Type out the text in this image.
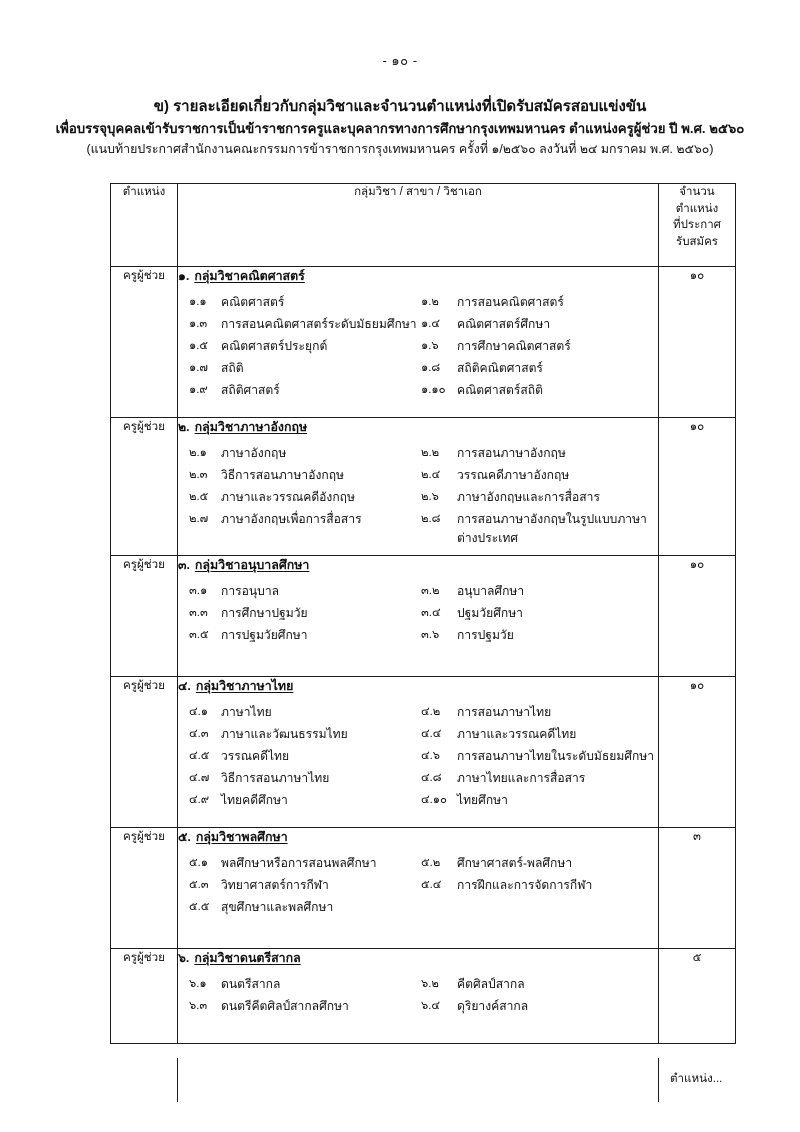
- ๑๐ -
ข) รายละเอียดเกี่ยวกับกลุ่มวิชาและจำนวนตำแหน่งที่เปิดรับสมัครสอบแข่งขัน
เพื่อบรรจุบุคคลเข้ารับราชการเป็นข้าราชการครูและบุคลากรทางการศึกษากรุงเทพมหานคร ตำแหน่งครูผู้ช่วย ปี พ.ศ. ๒๕๖๐
(แนบท้ายประกาศสำนักงานคณะกรรมการข้าราชการกรุงเทพมหานคร ครั้งที่ ๑/๒๕๖๐ ลงวันที่ ๒๔ มกราคม พ.ศ. ๒๕๖๐)
ตำแหน่ง	กลุ่มวิชา / สาขา / วิชาเอก	จำนวน
ตำแหน่ง
ที่ประกาศ
รับสมัคร

ครูผู้ช่วย	๑. กลุ่มวิชาคณิตศาสตร์
๑.๑	คณิตศาสตร์	๑.๒	การสอนคณิตศาสตร์
๑.๓	การสอนคณิตศาสตร์ระดับมัธยมศึกษา ๑.๔	คณิตศาสตร์ศึกษา
๑.๕	คณิตศาสตร์ประยุกต์	๑.๖	การศึกษาคณิตศาสตร์
๑.๗	สถิติ	๑.๘	สถิติคณิตศาสตร์
๑.๙	สถิติศาสตร์	๑.๑๐ คณิตศาสตร์สถิติ
	๑๐
ครูผู้ช่วย	๒. กลุ่มวิชาภาษาอังกฤษ
๒.๑	ภาษาอังกฤษ	๒.๒	การสอนภาษาอังกฤษ
๒.๓	วิธีการสอนภาษาอังกฤษ	๒.๔	วรรณคดีภาษาอังกฤษ
๒.๕	ภาษาและวรรณคดีอังกฤษ	๒.๖	ภาษาอังกฤษและการสื่อสาร
๒.๗	ภาษาอังกฤษเพื่อการสื่อสาร	๒.๘	การสอนภาษาอังกฤษในรูปแบบภาษาต่างประเทศ
	๑๐
ครูผู้ช่วย	๓. กลุ่มวิชาอนุบาลศึกษา
๓.๑	การอนุบาล	๓.๒	อนุบาลศึกษา
๓.๓	การศึกษาปฐมวัย	๓.๔	ปฐมวัยศึกษา
๓.๕	การปฐมวัยศึกษา	๓.๖	การปฐมวัย
	๑๐
ครูผู้ช่วย	๔. กลุ่มวิชาภาษาไทย
๔.๑	ภาษาไทย	๔.๒	การสอนภาษาไทย
๔.๓	ภาษาและวัฒนธรรมไทย	๔.๔	ภาษาและวรรณคดีไทย
๔.๕ วรรณคดีไทย	๔.๖	การสอนภาษาไทยในระดับมัธยมศึกษา
๔.๗ วิธีการสอนภาษาไทย	๔.๘	ภาษาไทยและการสื่อสาร
๔.๙ ไทยคดีศึกษา	๔.๑๐ ไทยศึกษา
	๑๐
ครูผู้ช่วย	๕. กลุ่มวิชาพลศึกษา
๕.๑	พลศึกษาหรือการสอนพลศึกษา	๕.๒	ศึกษาศาสตร์-พลศึกษา
๕.๓	วิทยาศาสตร์การกีฬา	๕.๔	การฝึกและการจัดการกีฬา
๕.๕ สุขศึกษาและพลศึกษา
	๓
ครูผู้ช่วย	๖. กลุ่มวิชาดนตรีสากล
๖.๑	ดนตรีสากล	๖.๒	คีตศิลป์สากล
๖.๓	ดนตรีคีตศิลป์สากลศึกษา	๖.๔	ดุริยางค์สากล
	๕
ตำแหน่ง...
